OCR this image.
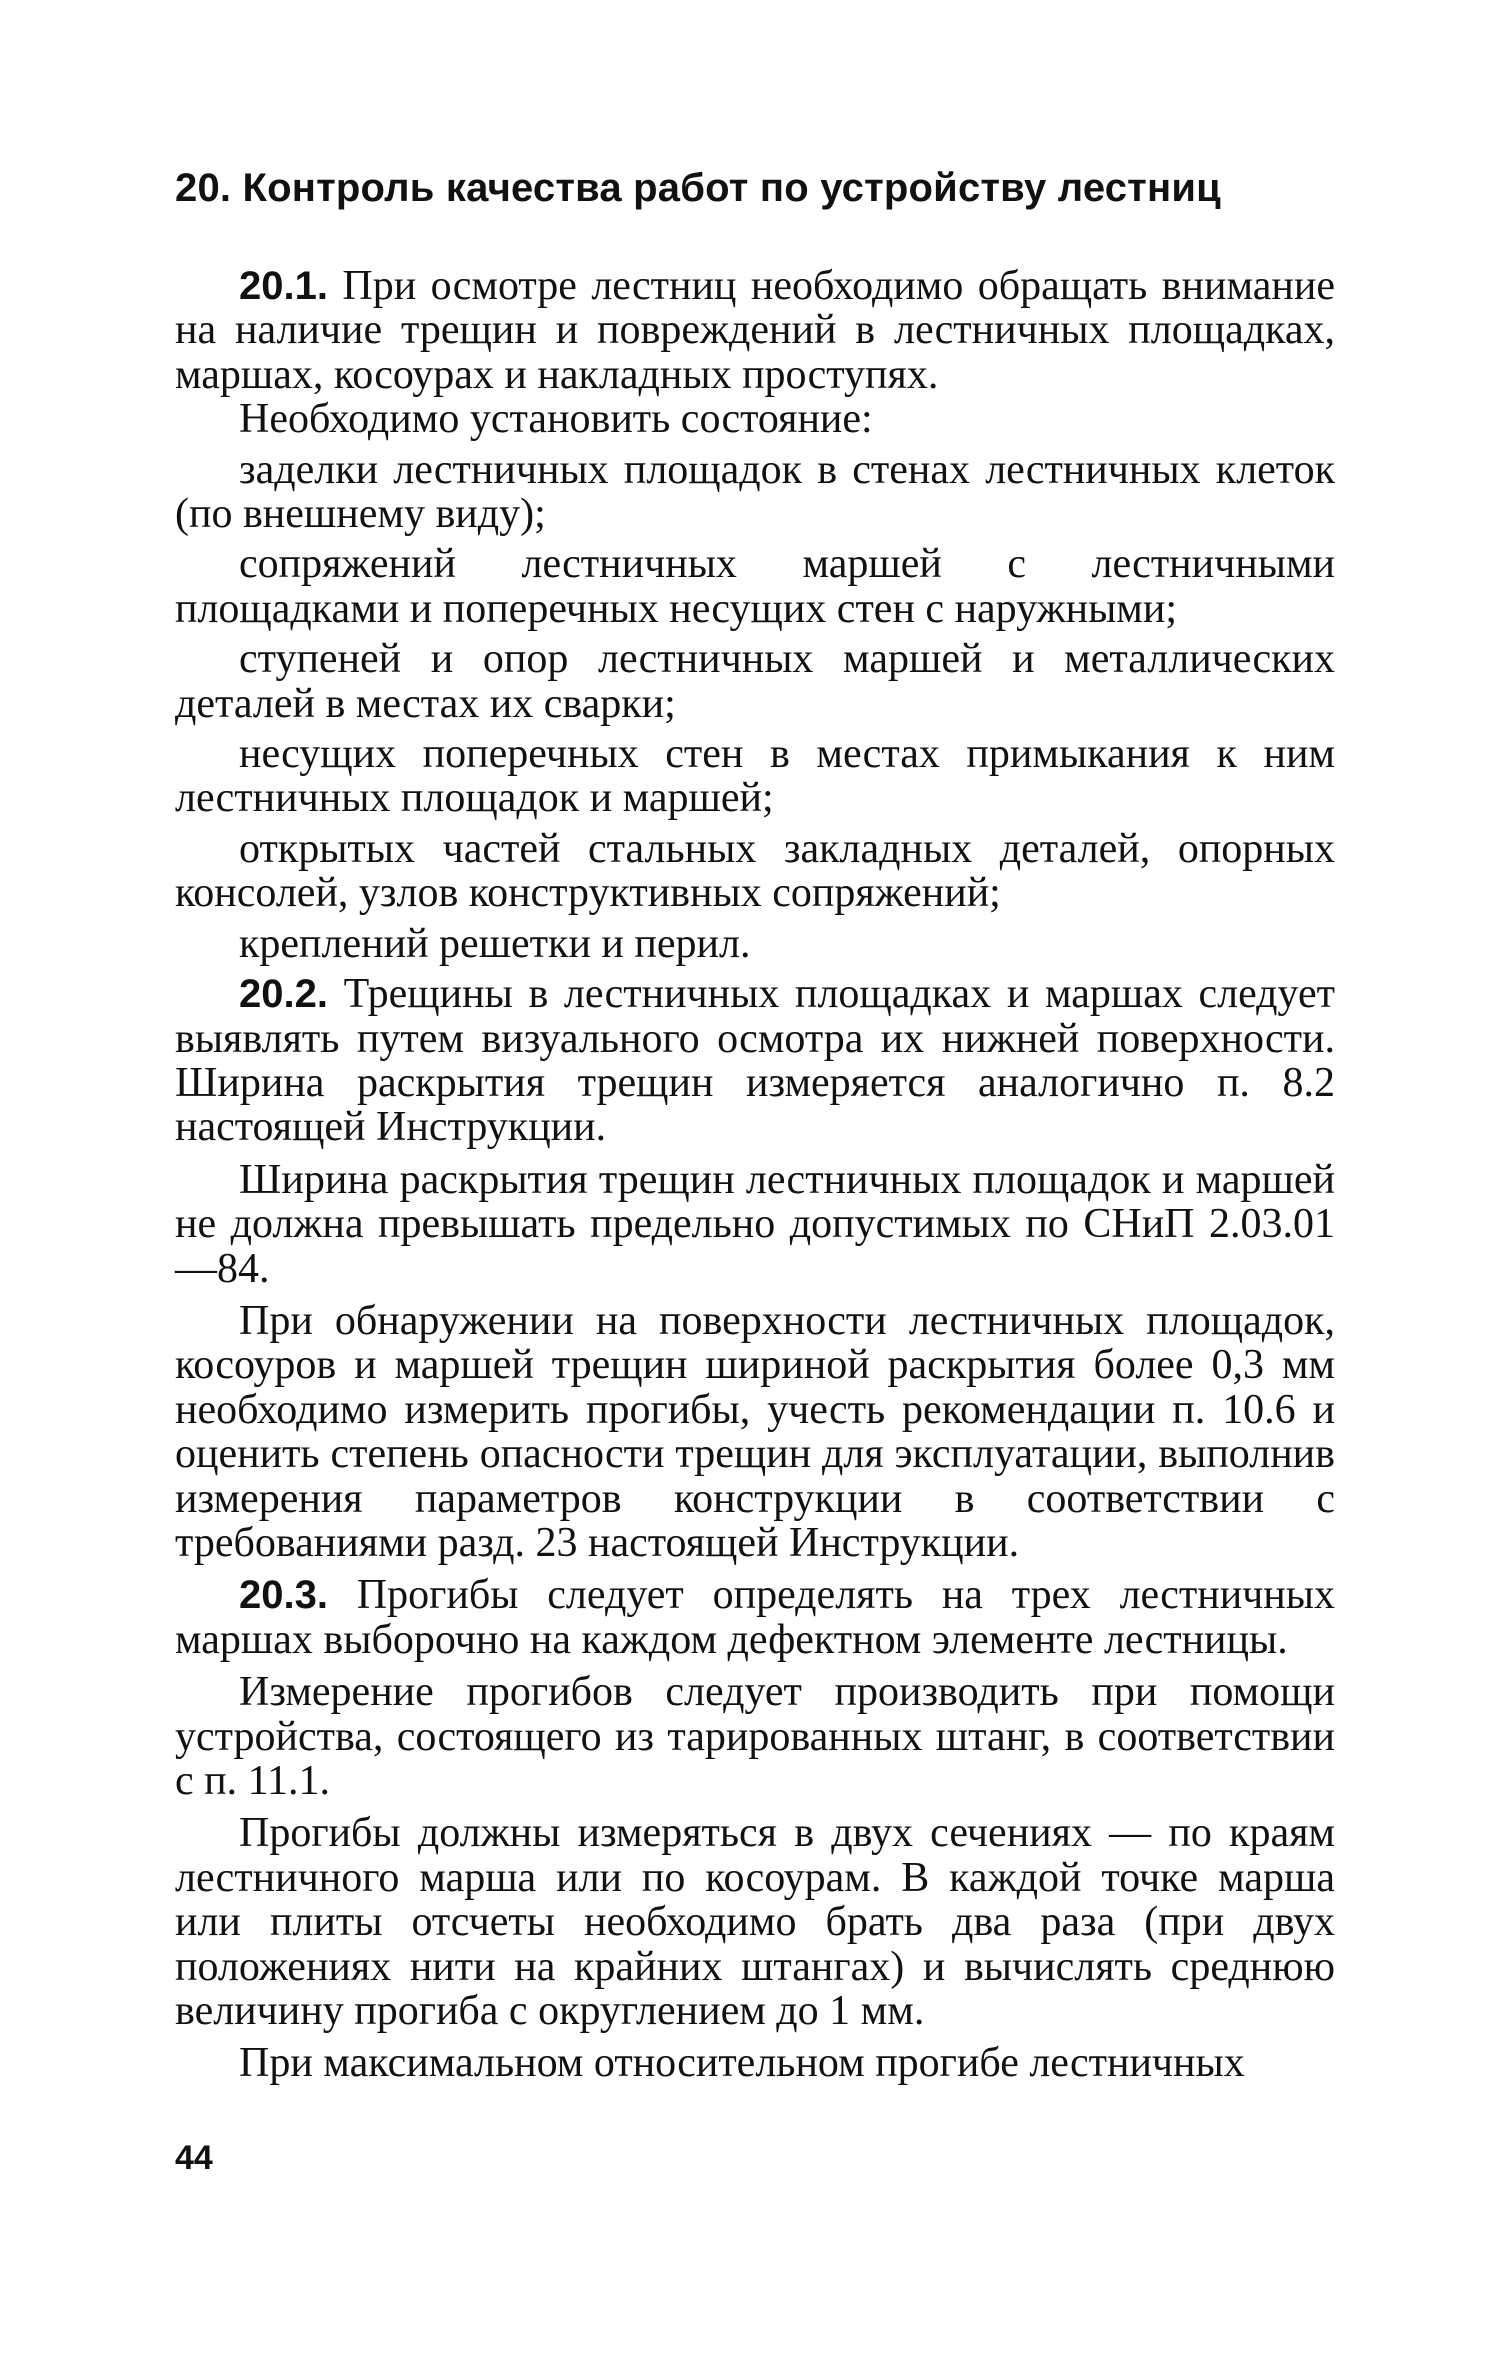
20. Контроль качества работ по устройству лестниц

20.1. При осмотре лестниц необходимо обращать внимание на наличие трещин и повреждений в лестничных площадках, маршах, косоурах и накладных проступях.

Необходимо установить состояние:

заделки лестничных площадок в стенах лестничных клеток (по внешнему виду);

сопряжений лестничных маршей с лестничными площадками и поперечных несущих стен с наружными;

ступеней и опор лестничных маршей и металлических деталей в местах их сварки;

несущих поперечных стен в местах примыкания к ним лестничных площадок и маршей;

открытых частей стальных закладных деталей, опорных консолей, узлов конструктивных сопряжений;

креплений решетки и перил.

20.2. Трещины в лестничных площадках и маршах следует выявлять путем визуального осмотра их нижней поверхности. Ширина раскрытия трещин измеряется аналогично п. 8.2 настоящей Инструкции.

Ширина раскрытия трещин лестничных площадок и маршей не должна превышать предельно допустимых по СНиП 2.03.01—84.

При обнаружении на поверхности лестничных площадок, косоуров и маршей трещин шириной раскрытия более 0,3 мм необходимо измерить прогибы, учесть рекомендации п. 10.6 и оценить степень опасности трещин для эксплуатации, выполнив измерения параметров конструкции в соответствии с требованиями разд. 23 настоящей Инструкции.

20.3. Прогибы следует определять на трех лестничных маршах выборочно на каждом дефектном элементе лестницы.

Измерение прогибов следует производить при помощи устройства, состоящего из тарированных штанг, в соответствии с п. 11.1.

Прогибы должны измеряться в двух сечениях — по краям лестничного марша или по косоурам. В каждой точке марша или плиты отсчеты необходимо брать два раза (при двух положениях нити на крайних штангах) и вычислять среднюю величину прогиба с округлением до 1 мм.

При максимальном относительном прогибе лестничных

44
